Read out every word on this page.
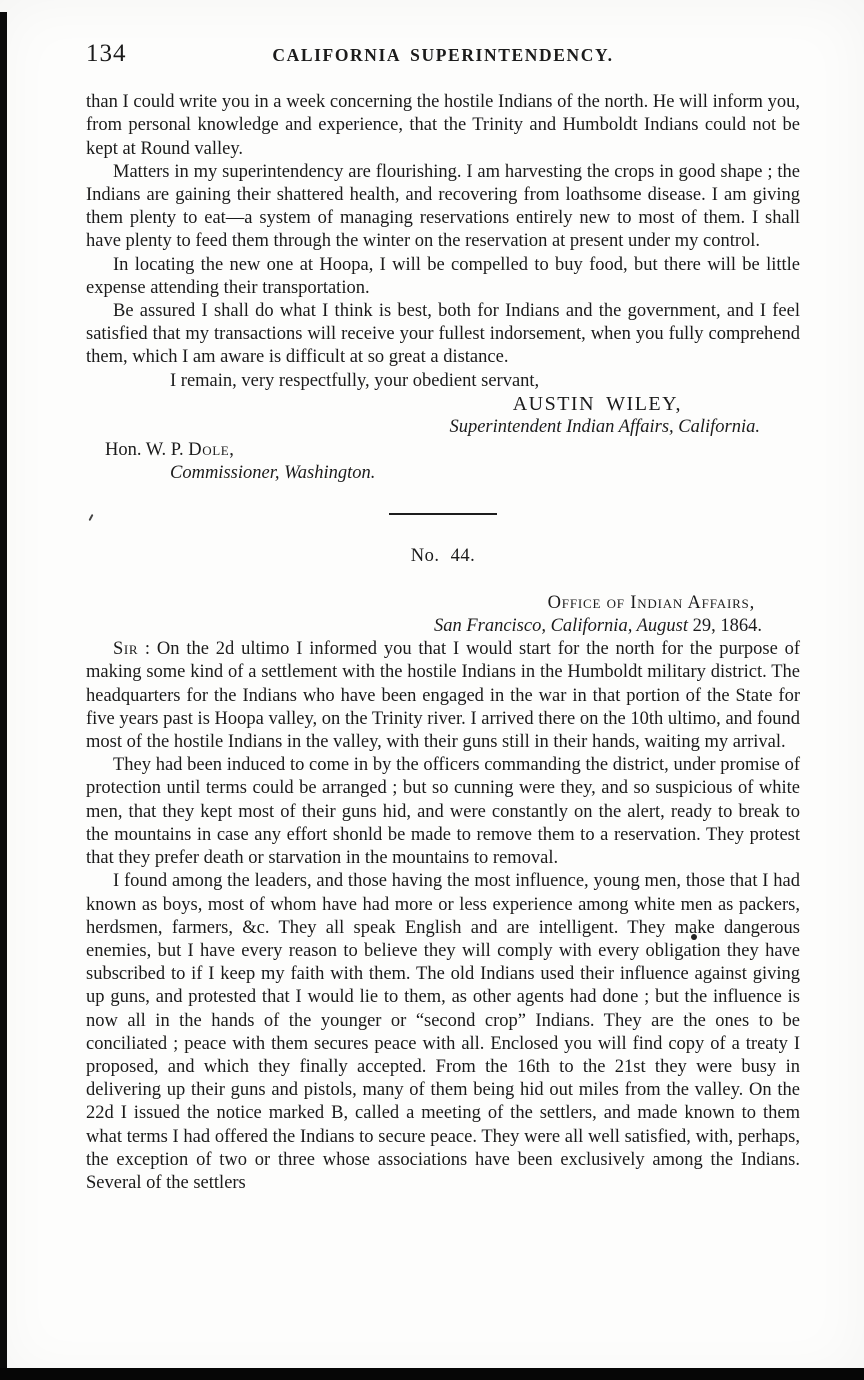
134	CALIFORNIA SUPERINTENDENCY.

than I could write you in a week concerning the hostile Indians of the north. He will inform you, from personal knowledge and experience, that the Trinity and Humboldt Indians could not be kept at Round valley.

Matters in my superintendency are flourishing. I am harvesting the crops in good shape ; the Indians are gaining their shattered health, and recovering from loathsome disease. I am giving them plenty to eat—a system of managing reservations entirely new to most of them. I shall have plenty to feed them through the winter on the reservation at present under my control.

In locating the new one at Hoopa, I will be compelled to buy food, but there will be little expense attending their transportation.

Be assured I shall do what I think is best, both for Indians and the government, and I feel satisfied that my transactions will receive your fullest indorsement, when you fully comprehend them, which I am aware is difficult at so great a distance.

I remain, very respectfully, your obedient servant,

AUSTIN WILEY,

Superintendent Indian Affairs, California.

Hon. W. P. Dole,

Commissioner, Washington.

No. 44.

Office of Indian Affairs,

San Francisco, California, August 29, 1864.

Sir : On the 2d ultimo I informed you that I would start for the north for the purpose of making some kind of a settlement with the hostile Indians in the Humboldt military district. The headquarters for the Indians who have been engaged in the war in that portion of the State for five years past is Hoopa valley, on the Trinity river. I arrived there on the 10th ultimo, and found most of the hostile Indians in the valley, with their guns still in their hands, waiting my arrival.

They had been induced to come in by the officers commanding the district, under promise of protection until terms could be arranged ; but so cunning were they, and so suspicious of white men, that they kept most of their guns hid, and were constantly on the alert, ready to break to the mountains in case any effort shonld be made to remove them to a reservation. They protest that they prefer death or starvation in the mountains to removal.

I found among the leaders, and those having the most influence, young men, those that I had known as boys, most of whom have had more or less experience among white men as packers, herdsmen, farmers, &c. They all speak English and are intelligent. They make dangerous enemies, but I have every reason to believe they will comply with every obligation they have subscribed to if I keep my faith with them. The old Indians used their influence against giving up guns, and protested that I would lie to them, as other agents had done ; but the influence is now all in the hands of the younger or “second crop” Indians. They are the ones to be conciliated ; peace with them secures peace with all. Enclosed you will find copy of a treaty I proposed, and which they finally accepted. From the 16th to the 21st they were busy in delivering up their guns and pistols, many of them being hid out miles from the valley. On the 22d I issued the notice marked B, called a meeting of the settlers, and made known to them what terms I had offered the Indians to secure peace. They were all well satisfied, with, perhaps, the exception of two or three whose associations have been exclusively among the Indians. Several of the settlers
